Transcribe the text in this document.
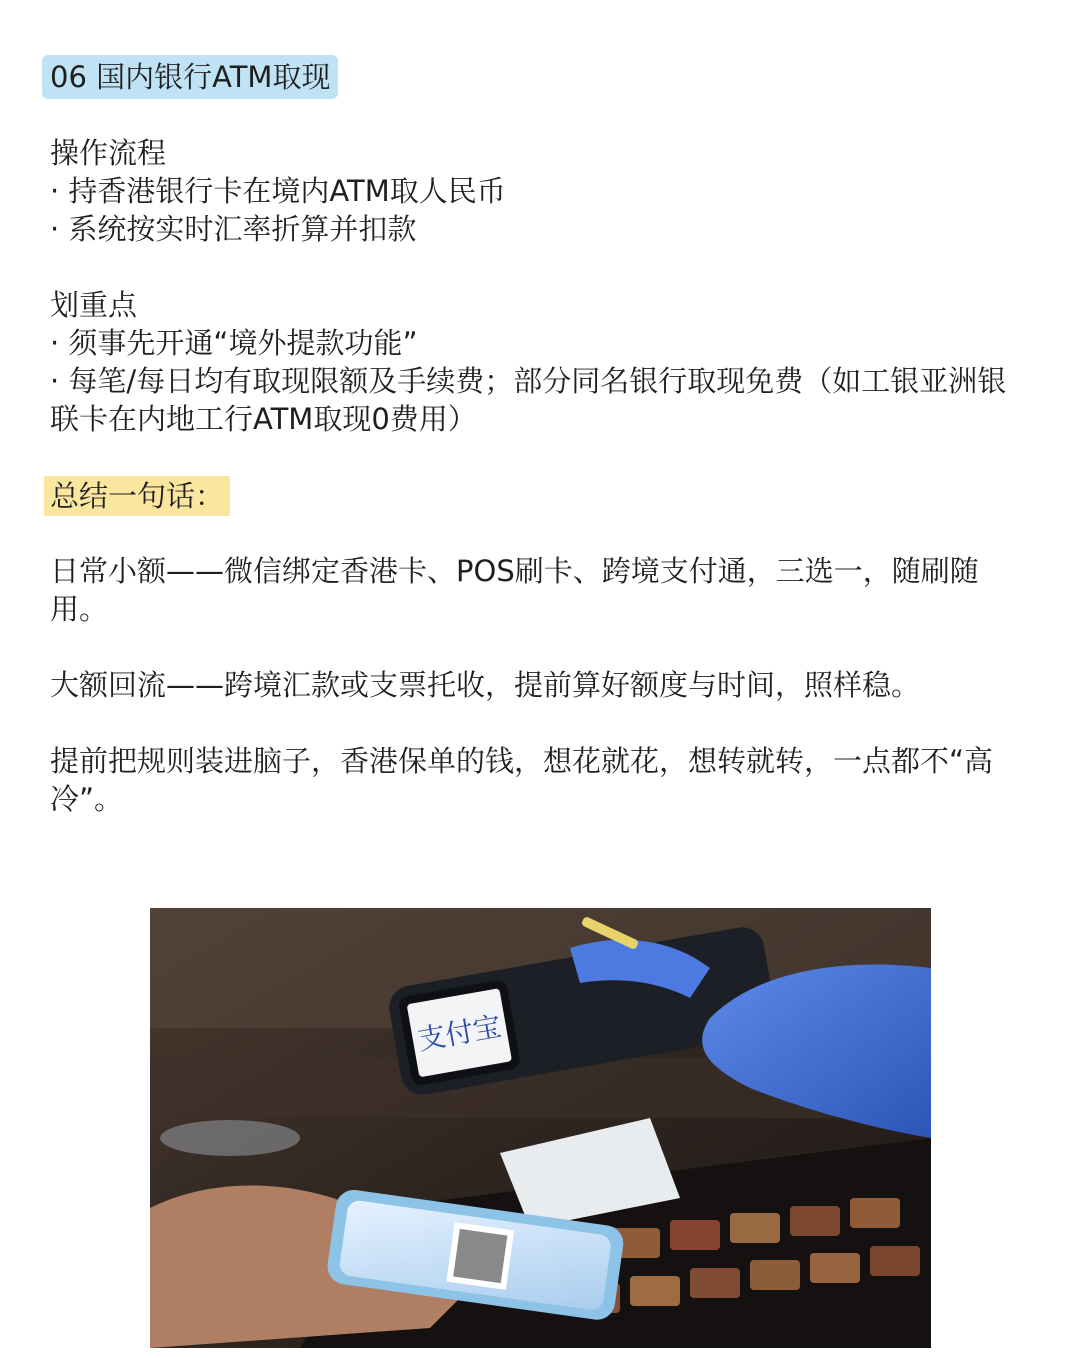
06 国内银行ATM取现

操作流程

· 持香港银行卡在境内ATM取人民币

· 系统按实时汇率折算并扣款

划重点

· 须事先开通“境外提款功能”

· 每笔/每日均有取现限额及手续费；部分同名银行取现免费（如工银亚洲银联卡在内地工行ATM取现0费用）

总结一句话：

日常小额——微信绑定香港卡、POS刷卡、跨境支付通，三选一，随刷随用。

大额回流——跨境汇款或支票托收，提前算好额度与时间，照样稳。

提前把规则装进脑子，香港保单的钱，想花就花，想转就转，一点都不“高冷”。

支付宝
